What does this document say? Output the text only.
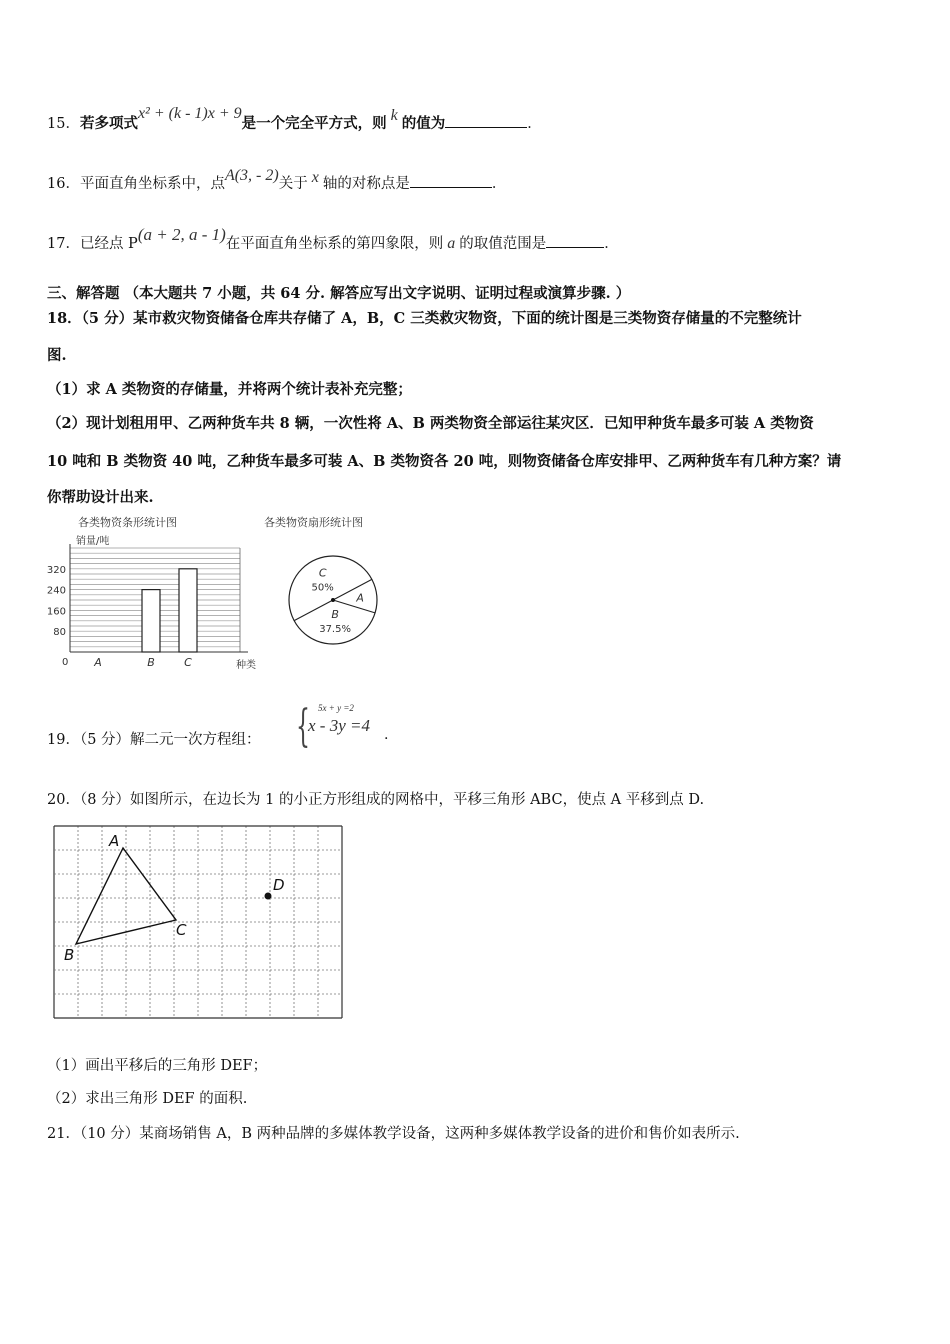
15．若多项式x² + (k - 1)x + 9是一个完全平方式，则 k 的值为	．
16．平面直角坐标系中，点A(3, - 2)关于 x 轴的对称点是	．
17．已经点 P(a + 2, a - 1)在平面直角坐标系的第四象限，则 a 的取值范围是	．
三、解答题 （本大题共 7 小题，共 64 分. 解答应写出文字说明、证明过程或演算步骤. ）
18．（5 分）某市救灾物资储备仓库共存储了 A，B，C 三类救灾物资，下面的统计图是三类物资存储量的不完整统计
图.
（1）求 A 类物资的存储量，并将两个统计表补充完整；
（2）现计划租用甲、乙两种货车共 8 辆，一次性将 A、B 两类物资全部运往某灾区．已知甲种货车最多可装 A 类物资
10 吨和 B 类物资 40 吨，乙种货车最多可装 A、B 类物资各 20 吨，则物资储备仓库安排甲、乙两种货车有几种方案？请
你帮助设计出来.
各类物资条形统计图
销量/吨
320
240
160
80
0 A	B	C	种类
各类物资扇形统计图
A
B
37.5%
C
50%
19．（5 分）解二元一次方程组： { 5x + y =2
x - 3y =4 .
20．（8 分）如图所示，在边长为 1 的小正方形组成的网格中，平移三角形 ABC，使点 A 平移到点 D.
A
B
C
D
（1）画出平移后的三角形 DEF；
（2）求出三角形 DEF 的面积.
21．（10 分）某商场销售 A，B 两种品牌的多媒体教学设备，这两种多媒体教学设备的进价和售价如表所示.
